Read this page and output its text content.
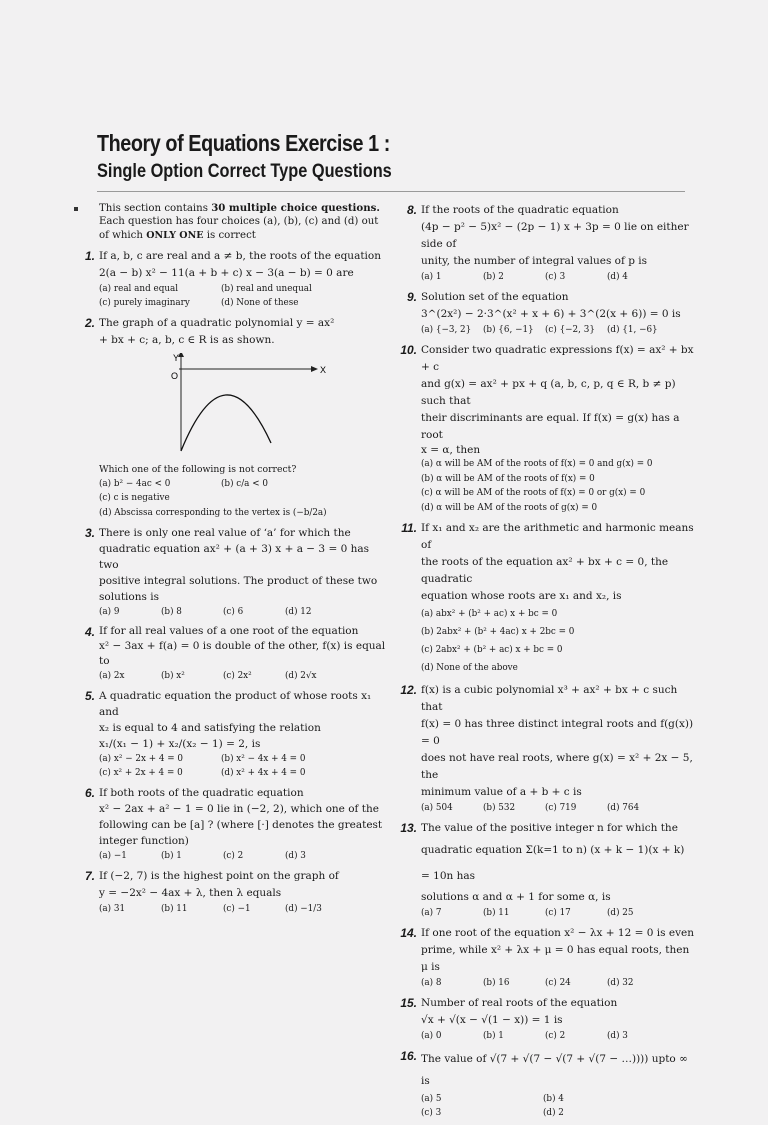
Theory of Equations Exercise 1 :
Single Option Correct Type Questions
This section contains 30 multiple choice questions. Each question has four choices (a), (b), (c) and (d) out of which ONLY ONE is correct
1. If a, b, c are real and a ≠ b, the roots of the equation
2(a − b) x² − 11(a + b + c) x − 3(a − b) = 0 are
(a) real and equal	(b) real and unequal
(c) purely imaginary	(d) None of these
2. The graph of a quadratic polynomial y = ax²
+ bx + c; a, b, c ∈ R is as shown.
Y
O
X
Which one of the following is not correct?
(a) b² − 4ac < 0	(b) c/a < 0
(c) c is negative
(d) Abscissa corresponding to the vertex is (−b/2a)
3. There is only one real value of ‘a’ for which the
quadratic equation ax² + (a + 3) x + a − 3 = 0 has two
positive integral solutions. The product of these two
solutions is
(a) 9	(b) 8	(c) 6	(d) 12
4. If for all real values of a one root of the equation
x² − 3ax + f(a) = 0 is double of the other, f(x) is equal to
(a) 2x	(b) x²	(c) 2x²	(d) 2√x
5. A quadratic equation the product of whose roots x₁ and
x₂ is equal to 4 and satisfying the relation
x₁/(x₁ − 1) + x₂/(x₂ − 1) = 2, is
(a) x² − 2x + 4 = 0	(b) x² − 4x + 4 = 0
(c) x² + 2x + 4 = 0	(d) x² + 4x + 4 = 0
6. If both roots of the quadratic equation
x² − 2ax + a² − 1 = 0 lie in (−2, 2), which one of the
following can be [a] ? (where [·] denotes the greatest
integer function)
(a) −1	(b) 1	(c) 2	(d) 3
7. If (−2, 7) is the highest point on the graph of
y = −2x² − 4ax + λ, then λ equals
(a) 31	(b) 11	(c) −1	(d) −1/3
8. If the roots of the quadratic equation
(4p − p² − 5)x² − (2p − 1) x + 3p = 0 lie on either side of
unity, the number of integral values of p is
(a) 1	(b) 2	(c) 3	(d) 4
9. Solution set of the equation
3^(2x²) − 2·3^(x² + x + 6) + 3^(2(x + 6)) = 0 is
(a) {−3, 2}	(b) {6, −1}	(c) {−2, 3}	(d) {1, −6}
10. Consider two quadratic expressions f(x) = ax² + bx + c
and g(x) = ax² + px + q (a, b, c, p, q ∈ R, b ≠ p) such that
their discriminants are equal. If f(x) = g(x) has a root
x = α, then
(a) α will be AM of the roots of f(x) = 0 and g(x) = 0
(b) α will be AM of the roots of f(x) = 0
(c) α will be AM of the roots of f(x) = 0 or g(x) = 0
(d) α will be AM of the roots of g(x) = 0
11. If x₁ and x₂ are the arithmetic and harmonic means of
the roots of the equation ax² + bx + c = 0, the quadratic
equation whose roots are x₁ and x₂, is
(a) abx² + (b² + ac) x + bc = 0
(b) 2abx² + (b² + 4ac) x + 2bc = 0
(c) 2abx² + (b² + ac) x + bc = 0
(d) None of the above
12. f(x) is a cubic polynomial x³ + ax² + bx + c such that
f(x) = 0 has three distinct integral roots and f(g(x)) = 0
does not have real roots, where g(x) = x² + 2x − 5, the
minimum value of a + b + c is
(a) 504	(b) 532	(c) 719	(d) 764
13. The value of the positive integer n for which the
quadratic equation Σ(k=1 to n) (x + k − 1)(x + k) = 10n has
solutions α and α + 1 for some α, is
(a) 7	(b) 11	(c) 17	(d) 25
14. If one root of the equation x² − λx + 12 = 0 is even
prime, while x² + λx + μ = 0 has equal roots, then μ is
(a) 8	(b) 16	(c) 24	(d) 32
15. Number of real roots of the equation
√x + √(x − √(1 − x)) = 1 is
(a) 0	(b) 1	(c) 2	(d) 3
16. The value of √(7 + √(7 − √(7 + √(7 − …)))) upto ∞ is
(a) 5	(b) 4
(c) 3	(d) 2
